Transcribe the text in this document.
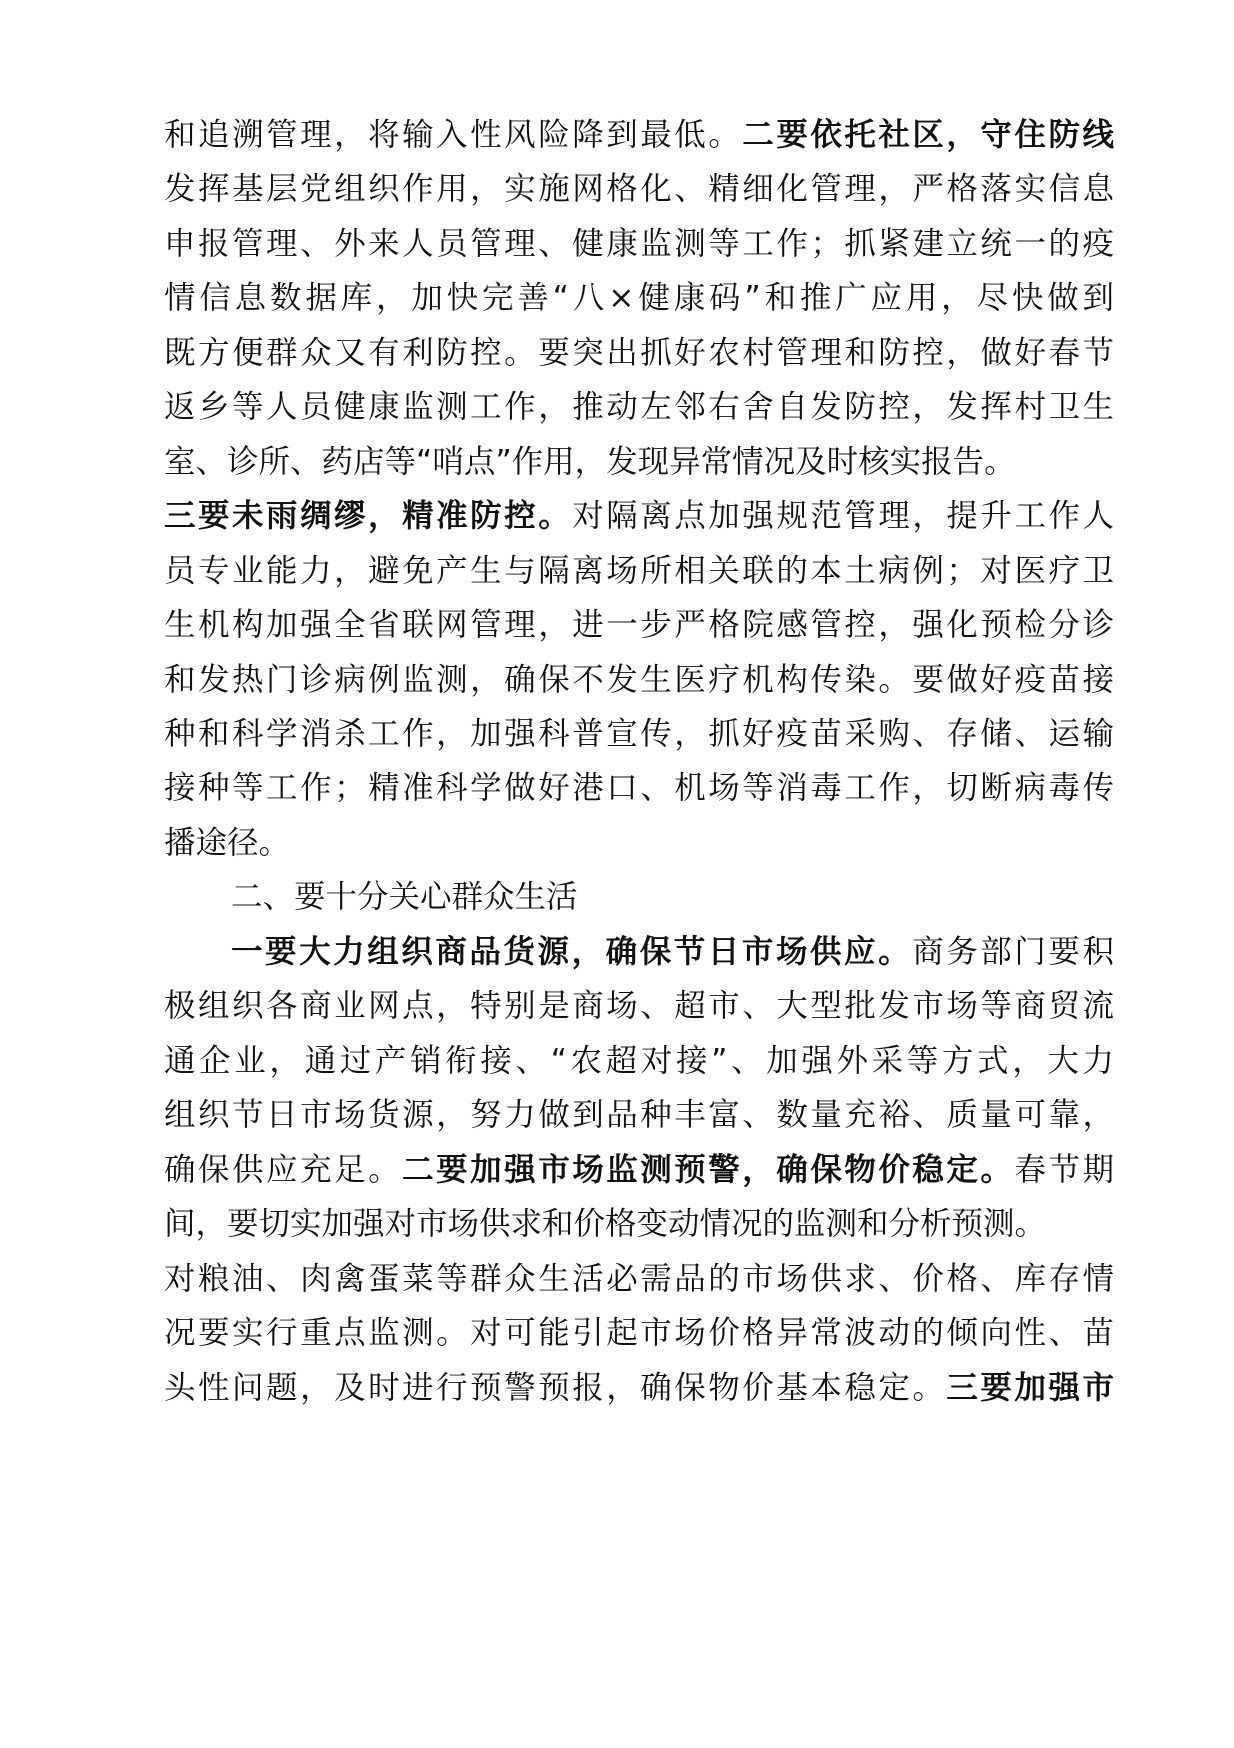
和追溯管理，将输入性风险降到最低。二要依托社区，守住防线
发挥基层党组织作用，实施网格化、精细化管理，严格落实信息
申报管理、外来人员管理、健康监测等工作；抓紧建立统一的疫
情信息数据库，加快完善“八×健康码”和推广应用，尽快做到
既方便群众又有利防控。要突出抓好农村管理和防控，做好春节
返乡等人员健康监测工作，推动左邻右舍自发防控，发挥村卫生
室、诊所、药店等“哨点”作用，发现异常情况及时核实报告。
三要未雨绸缪，精准防控。对隔离点加强规范管理，提升工作人
员专业能力，避免产生与隔离场所相关联的本土病例；对医疗卫
生机构加强全省联网管理，进一步严格院感管控，强化预检分诊
和发热门诊病例监测，确保不发生医疗机构传染。要做好疫苗接
种和科学消杀工作，加强科普宣传，抓好疫苗采购、存储、运输
接种等工作；精准科学做好港口、机场等消毒工作，切断病毒传
播途径。
二、要十分关心群众生活
一要大力组织商品货源，确保节日市场供应。商务部门要积
极组织各商业网点，特别是商场、超市、大型批发市场等商贸流
通企业，通过产销衔接、“农超对接”、加强外采等方式，大力
组织节日市场货源，努力做到品种丰富、数量充裕、质量可靠，
确保供应充足。二要加强市场监测预警，确保物价稳定。春节期
间，要切实加强对市场供求和价格变动情况的监测和分析预测。
对粮油、肉禽蛋菜等群众生活必需品的市场供求、价格、库存情
况要实行重点监测。对可能引起市场价格异常波动的倾向性、苗
头性问题，及时进行预警预报，确保物价基本稳定。三要加强市
